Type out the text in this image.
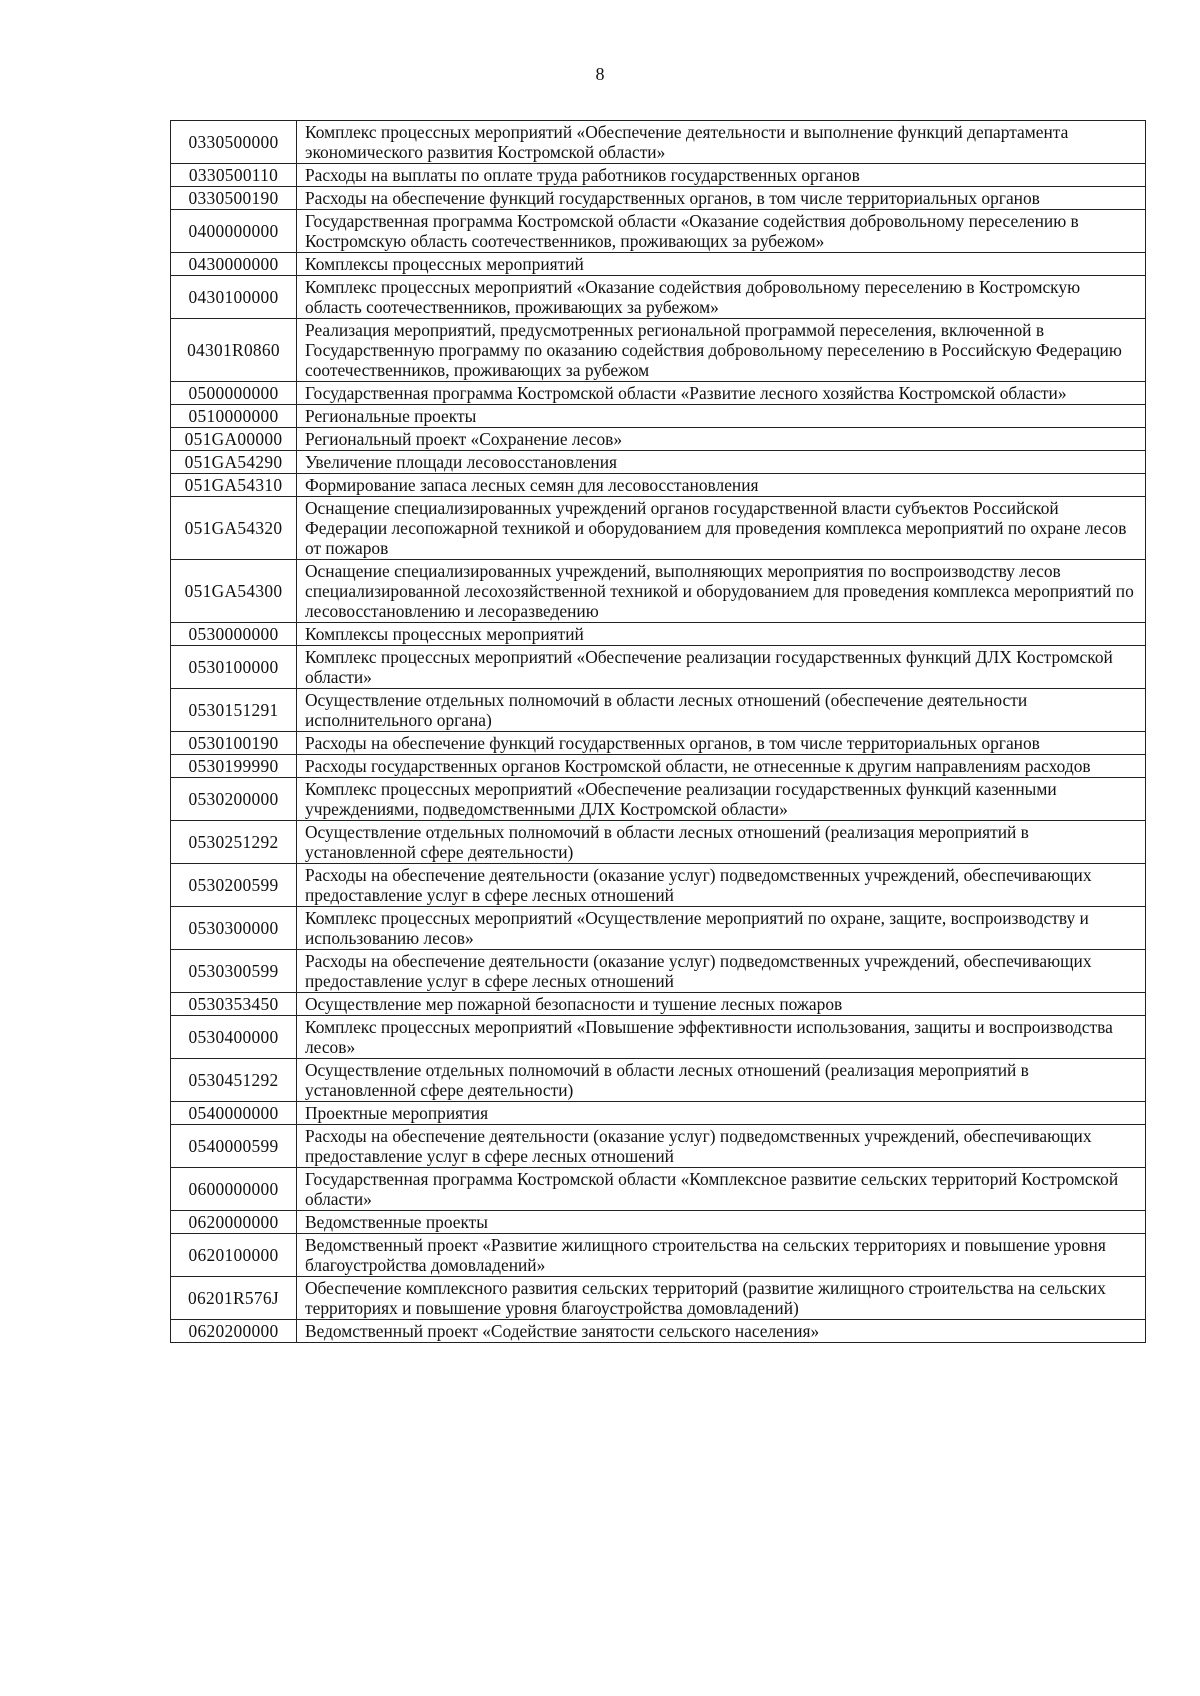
8
0330500000	Комплекс процессных мероприятий «Обеспечение деятельности и выполнение функций департамента экономического развития Костромской области»
0330500110	Расходы на выплаты по оплате труда работников государственных органов
0330500190	Расходы на обеспечение функций государственных органов, в том числе территориальных органов
0400000000	Государственная программа Костромской области «Оказание содействия добровольному переселению в Костромскую область соотечественников, проживающих за рубежом»
0430000000	Комплексы процессных мероприятий
0430100000	Комплекс процессных мероприятий «Оказание содействия добровольному переселению в Костромскую область соотечественников, проживающих за рубежом»
04301R0860	Реализация мероприятий, предусмотренных региональной программой переселения, включенной в Государственную программу по оказанию содействия добровольному переселению в Российскую Федерацию соотечественников, проживающих за рубежом
0500000000	Государственная программа Костромской области «Развитие лесного хозяйства Костромской области»
0510000000	Региональные проекты
051GA00000	Региональный проект «Сохранение лесов»
051GA54290	Увеличение площади лесовосстановления
051GA54310	Формирование запаса лесных семян для лесовосстановления
051GA54320	Оснащение специализированных учреждений органов государственной власти субъектов Российской Федерации лесопожарной техникой и оборудованием для проведения комплекса мероприятий по охране лесов от пожаров
051GA54300	Оснащение специализированных учреждений, выполняющих мероприятия по воспроизводству лесов специализированной лесохозяйственной техникой и оборудованием для проведения комплекса мероприятий по лесовосстановлению и лесоразведению
0530000000	Комплексы процессных мероприятий
0530100000	Комплекс процессных мероприятий «Обеспечение реализации государственных функций ДЛХ Костромской области»
0530151291	Осуществление отдельных полномочий в области лесных отношений (обеспечение деятельности исполнительного органа)
0530100190	Расходы на обеспечение функций государственных органов, в том числе территориальных органов
0530199990	Расходы государственных органов Костромской области, не отнесенные к другим направлениям расходов
0530200000	Комплекс процессных мероприятий «Обеспечение реализации государственных функций казенными учреждениями, подведомственными ДЛХ Костромской области»
0530251292	Осуществление отдельных полномочий в области лесных отношений (реализация мероприятий в установленной сфере деятельности)
0530200599	Расходы на обеспечение деятельности (оказание услуг) подведомственных учреждений, обеспечивающих предоставление услуг в сфере лесных отношений
0530300000	Комплекс процессных мероприятий «Осуществление мероприятий по охране, защите, воспроизводству и использованию лесов»
0530300599	Расходы на обеспечение деятельности (оказание услуг) подведомственных учреждений, обеспечивающих предоставление услуг в сфере лесных отношений
0530353450	Осуществление мер пожарной безопасности и тушение лесных пожаров
0530400000	Комплекс процессных мероприятий «Повышение эффективности использования, защиты и воспроизводства лесов»
0530451292	Осуществление отдельных полномочий в области лесных отношений (реализация мероприятий в установленной сфере деятельности)
0540000000	Проектные мероприятия
0540000599	Расходы на обеспечение деятельности (оказание услуг) подведомственных учреждений, обеспечивающих предоставление услуг в сфере лесных отношений
0600000000	Государственная программа Костромской области «Комплексное развитие сельских территорий Костромской области»
0620000000	Ведомственные проекты
0620100000	Ведомственный проект «Развитие жилищного строительства на сельских территориях и повышение уровня благоустройства домовладений»
06201R576J	Обеспечение комплексного развития сельских территорий (развитие жилищного строительства на сельских территориях и повышение уровня благоустройства домовладений)
0620200000	Ведомственный проект «Содействие занятости сельского населения»
